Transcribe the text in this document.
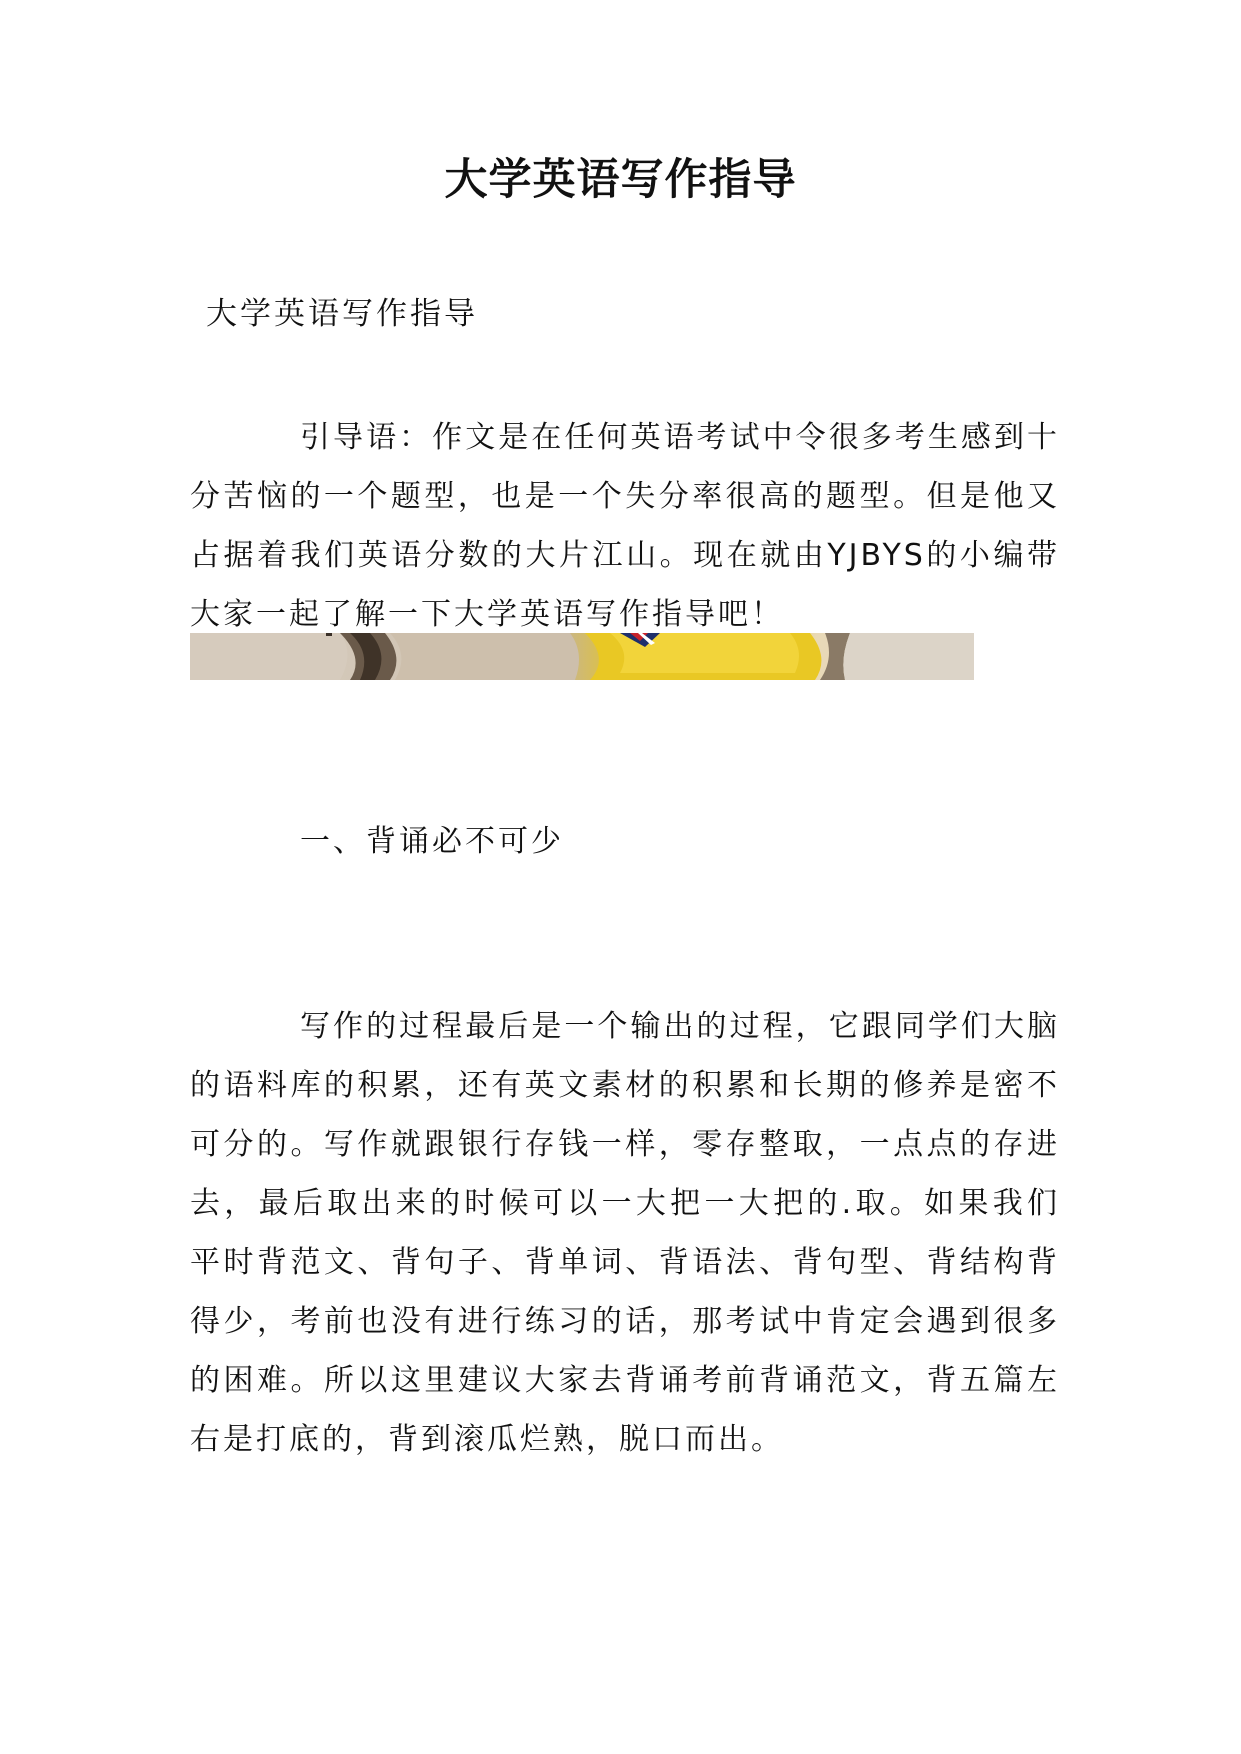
大学英语写作指导

大学英语写作指导

引导语：作文是在任何英语考试中令很多考生感到十分苦恼的一个题型，也是一个失分率很高的题型。但是他又占据着我们英语分数的大片江山。现在就由YJBYS的小编带大家一起了解一下大学英语写作指导吧！

一、背诵必不可少

写作的过程最后是一个输出的过程，它跟同学们大脑的语料库的积累，还有英文素材的积累和长期的修养是密不可分的。写作就跟银行存钱一样，零存整取，一点点的存进去，最后取出来的时候可以一大把一大把的.取。如果我们平时背范文、背句子、背单词、背语法、背句型、背结构背得少，考前也没有进行练习的话，那考试中肯定会遇到很多的困难。所以这里建议大家去背诵考前背诵范文，背五篇左右是打底的，背到滚瓜烂熟，脱口而出。
